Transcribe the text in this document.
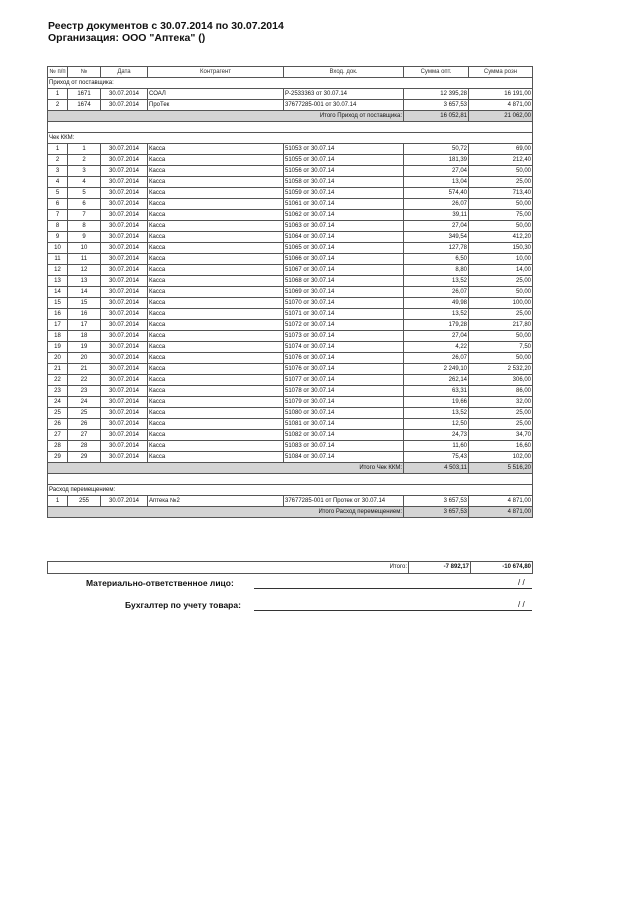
Реестр документов с 30.07.2014 по 30.07.2014
Организация: ООО "Аптека" ()
№ п/п	№	Дата	Контрагент	Вход. док.	Сумма опт.	Сумма розн
Приход от поставщика:						
1	1671	30.07.2014	СОАЛ	Р-2533363 от 30.07.14	12 395,28	16 191,00
2	1674	30.07.2014	ПроТек	37677285-001 от 30.07.14	3 657,53	4 871,00
Итого Приход от поставщика:					16 052,81	21 062,00

Чек ККМ:						
1	1	30.07.2014	Касса	51053 от 30.07.14	50,72	69,00
2	2	30.07.2014	Касса	51055 от 30.07.14	181,39	212,40
3	3	30.07.2014	Касса	51056 от 30.07.14	27,04	50,00
4	4	30.07.2014	Касса	51058 от 30.07.14	13,04	25,00
5	5	30.07.2014	Касса	51059 от 30.07.14	574,40	713,40
6	6	30.07.2014	Касса	51061 от 30.07.14	26,07	50,00
7	7	30.07.2014	Касса	51062 от 30.07.14	39,11	75,00
8	8	30.07.2014	Касса	51063 от 30.07.14	27,04	50,00
9	9	30.07.2014	Касса	51064 от 30.07.14	349,54	412,20
10	10	30.07.2014	Касса	51065 от 30.07.14	127,78	150,30
11	11	30.07.2014	Касса	51066 от 30.07.14	6,50	10,00
12	12	30.07.2014	Касса	51067 от 30.07.14	8,80	14,00
13	13	30.07.2014	Касса	51068 от 30.07.14	13,52	25,00
14	14	30.07.2014	Касса	51069 от 30.07.14	26,07	50,00
15	15	30.07.2014	Касса	51070 от 30.07.14	49,98	100,00
16	16	30.07.2014	Касса	51071 от 30.07.14	13,52	25,00
17	17	30.07.2014	Касса	51072 от 30.07.14	179,28	217,80
18	18	30.07.2014	Касса	51073 от 30.07.14	27,04	50,00
19	19	30.07.2014	Касса	51074 от 30.07.14	4,22	7,50
20	20	30.07.2014	Касса	51076 от 30.07.14	26,07	50,00
21	21	30.07.2014	Касса	51076 от 30.07.14	2 249,10	2 532,20
22	22	30.07.2014	Касса	51077 от 30.07.14	262,14	306,00
23	23	30.07.2014	Касса	51078 от 30.07.14	63,31	86,00
24	24	30.07.2014	Касса	51079 от 30.07.14	19,66	32,00
25	25	30.07.2014	Касса	51080 от 30.07.14	13,52	25,00
26	26	30.07.2014	Касса	51081 от 30.07.14	12,50	25,00
27	27	30.07.2014	Касса	51082 от 30.07.14	24,73	34,70
28	28	30.07.2014	Касса	51083 от 30.07.14	11,60	16,60
29	29	30.07.2014	Касса	51084 от 30.07.14	75,43	102,00
Итого Чек ККМ:					4 503,11	5 516,20

Расход перемещением:						
1	255	30.07.2014	Аптека №2	37677285-001 от Протек от 30.07.14	3 657,53	4 871,00
Итого Расход перемещением:					3 657,53	4 871,00
Итого:	-7 892,17	-10 674,80
Материально-ответственное лицо:	/ /
Бухгалтер по учету товара:	/ /
